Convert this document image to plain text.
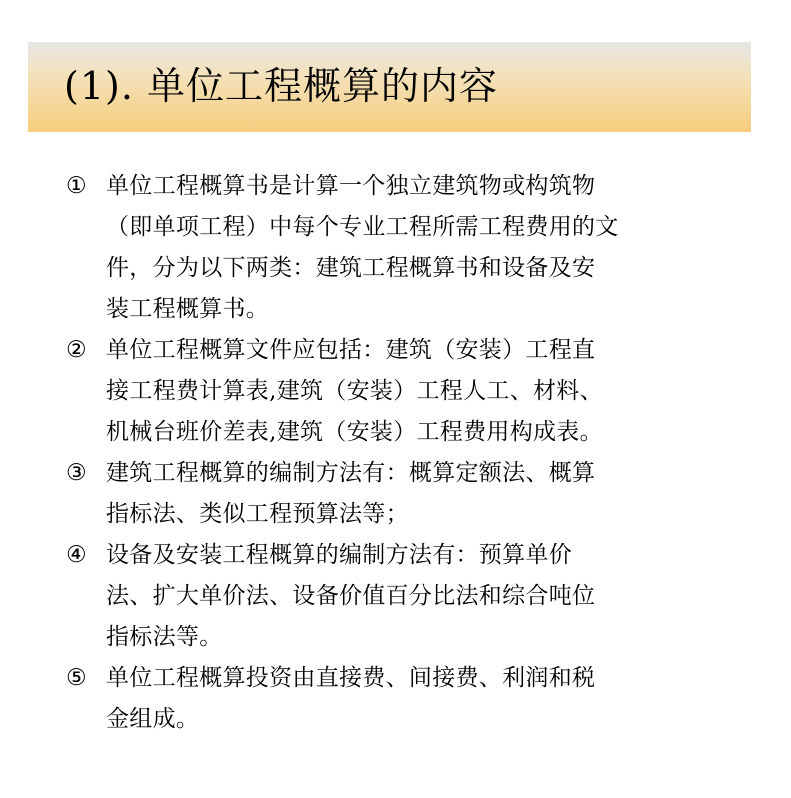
(1). 单位工程概算的内容
① 单位工程概算书是计算一个独立建筑物或构筑物
（即单项工程）中每个专业工程所需工程费用的文
件，分为以下两类：建筑工程概算书和设备及安
装工程概算书。
② 单位工程概算文件应包括：建筑（安装）工程直
接工程费计算表,建筑（安装）工程人工、材料、
机械台班价差表,建筑（安装）工程费用构成表。
③ 建筑工程概算的编制方法有：概算定额法、概算
指标法、类似工程预算法等；
④ 设备及安装工程概算的编制方法有：预算单价
法、扩大单价法、设备价值百分比法和综合吨位
指标法等。
⑤ 单位工程概算投资由直接费、间接费、利润和税
金组成。
